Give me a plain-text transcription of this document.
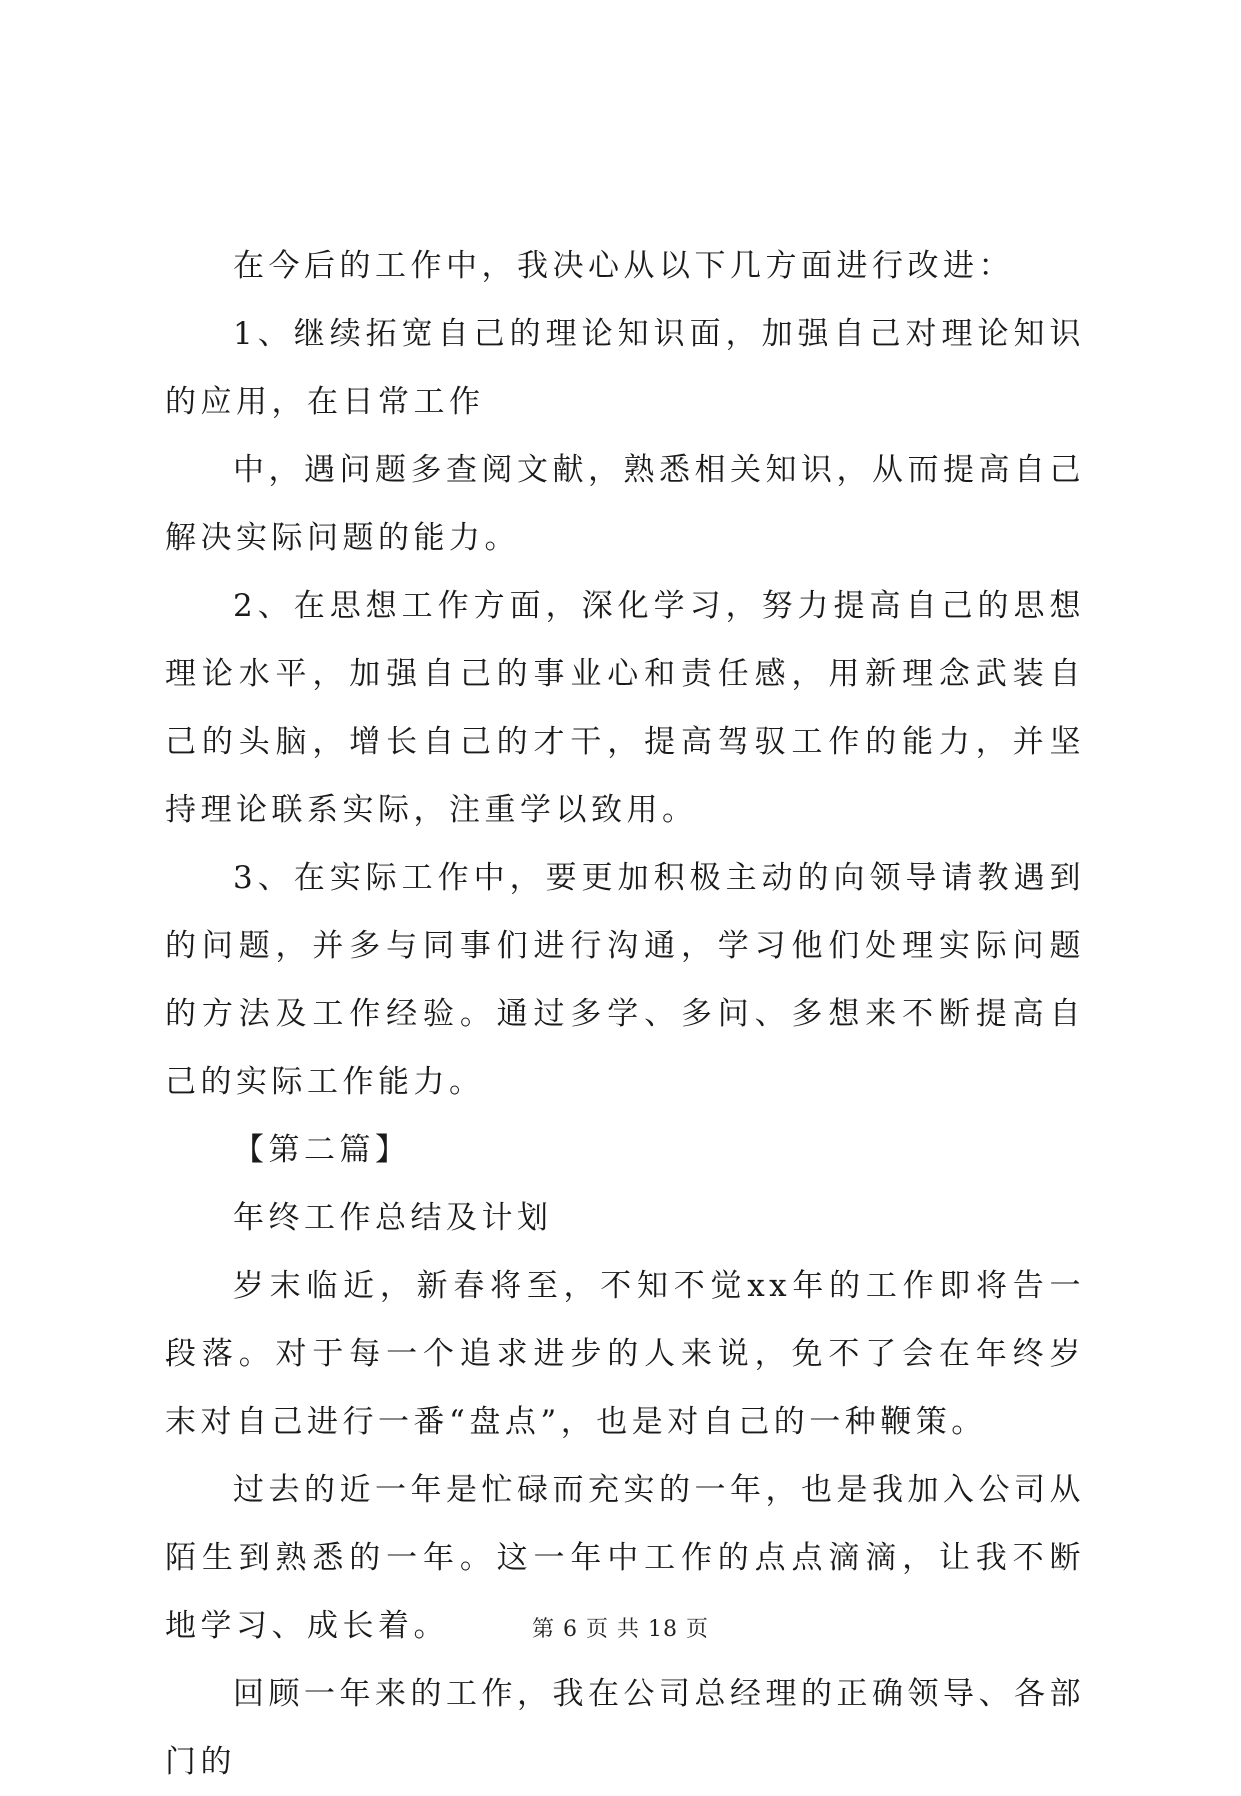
在今后的工作中，我决心从以下几方面进行改进：

1、继续拓宽自己的理论知识面，加强自己对理论知识的应用，在日常工作

中，遇问题多查阅文献，熟悉相关知识，从而提高自己解决实际问题的能力。

2、在思想工作方面，深化学习，努力提高自己的思想理论水平，加强自己的事业心和责任感，用新理念武装自己的头脑，增长自己的才干，提高驾驭工作的能力，并坚持理论联系实际，注重学以致用。

3、在实际工作中，要更加积极主动的向领导请教遇到的问题，并多与同事们进行沟通，学习他们处理实际问题的方法及工作经验。通过多学、多问、多想来不断提高自己的实际工作能力。

【第二篇】

年终工作总结及计划

岁末临近，新春将至，不知不觉xx年的工作即将告一段落。对于每一个追求进步的人来说，免不了会在年终岁末对自己进行一番“盘点”，也是对自己的一种鞭策。

过去的近一年是忙碌而充实的一年，也是我加入公司从陌生到熟悉的一年。这一年中工作的点点滴滴，让我不断地学习、成长着。

回顾一年来的工作，我在公司总经理的正确领导、各部门的

第 6 页 共 18 页
